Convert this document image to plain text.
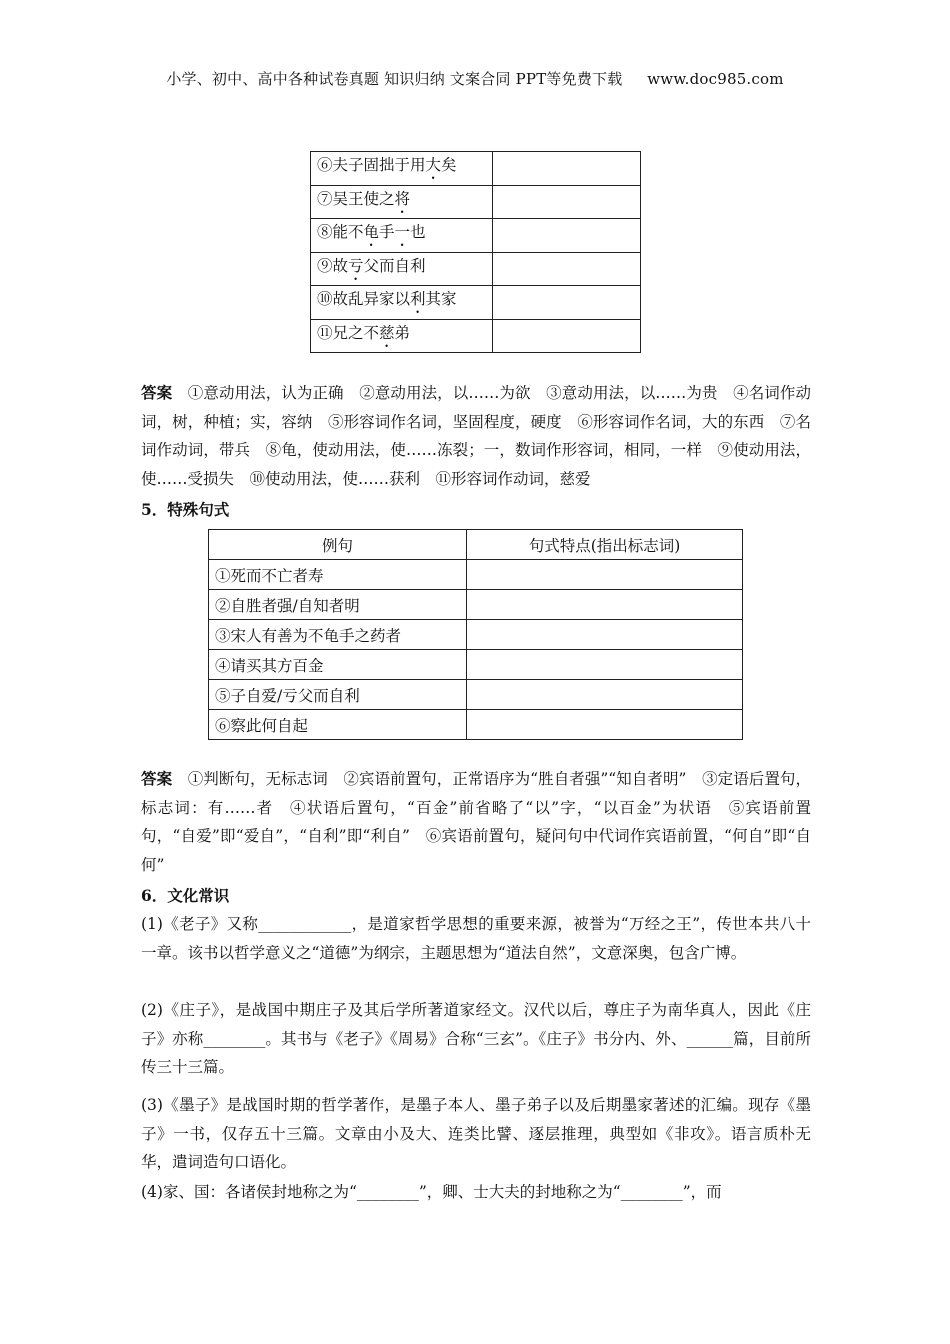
小学、初中、高中各种试卷真题 知识归纳 文案合同 PPT等免费下载     www.doc985.com
⑥夫子固拙于用大矣	
⑦吴王使之将	
⑧能不龟手一也	
⑨故亏父而自利	
⑩故乱异家以利其家	
⑪兄之不慈弟	
答案　 ①意动用法，认为正确　②意动用法，以……为欲　③意动用法，以……为贵　④名词作动词，树，种植；实，容纳　⑤形容词作名词，坚固程度，硬度　⑥形容词作名词，大的东西　⑦名词作动词，带兵　⑧龟，使动用法，使……冻裂；一，数词作形容词，相同，一样　⑨使动用法，使……受损失　⑩使动用法，使……获利　⑪形容词作动词，慈爱
5．特殊句式
例句	句式特点(指出标志词)
①死而不亡者寿	
②自胜者强/自知者明	
③宋人有善为不龟手之药者	
④请买其方百金	
⑤子自爱/亏父而自利	
⑥察此何自起	
答案　 ①判断句，无标志词　②宾语前置句，正常语序为“胜自者强”“知自者明”　③定语后置句，标志词：有……者　④状语后置句，“百金”前省略了“以”字，“以百金”为状语　⑤宾语前置句，“自爱”即“爱自”，“自利”即“利自”　⑥宾语前置句，疑问句中代词作宾语前置，“何自”即“自何”
6．文化常识
(1)《老子》又称____________，是道家哲学思想的重要来源，被誉为“万经之王”，传世本共八十一章。该书以哲学意义之“道德”为纲宗，主题思想为“道法自然”，文意深奥，包含广博。
(2)《庄子》，是战国中期庄子及其后学所著道家经文。汉代以后，尊庄子为南华真人，因此《庄子》亦称________。其书与《老子》《周易》合称“三玄”。《庄子》书分内、外、______篇，目前所传三十三篇。
(3)《墨子》是战国时期的哲学著作，是墨子本人、墨子弟子以及后期墨家著述的汇编。现存《墨子》一书，仅存五十三篇。文章由小及大、连类比譬、逐层推理，典型如《非攻》。语言质朴无华，遣词造句口语化。
(4)家、国：各诸侯封地称之为“________”，卿、士大夫的封地称之为“________”，而
